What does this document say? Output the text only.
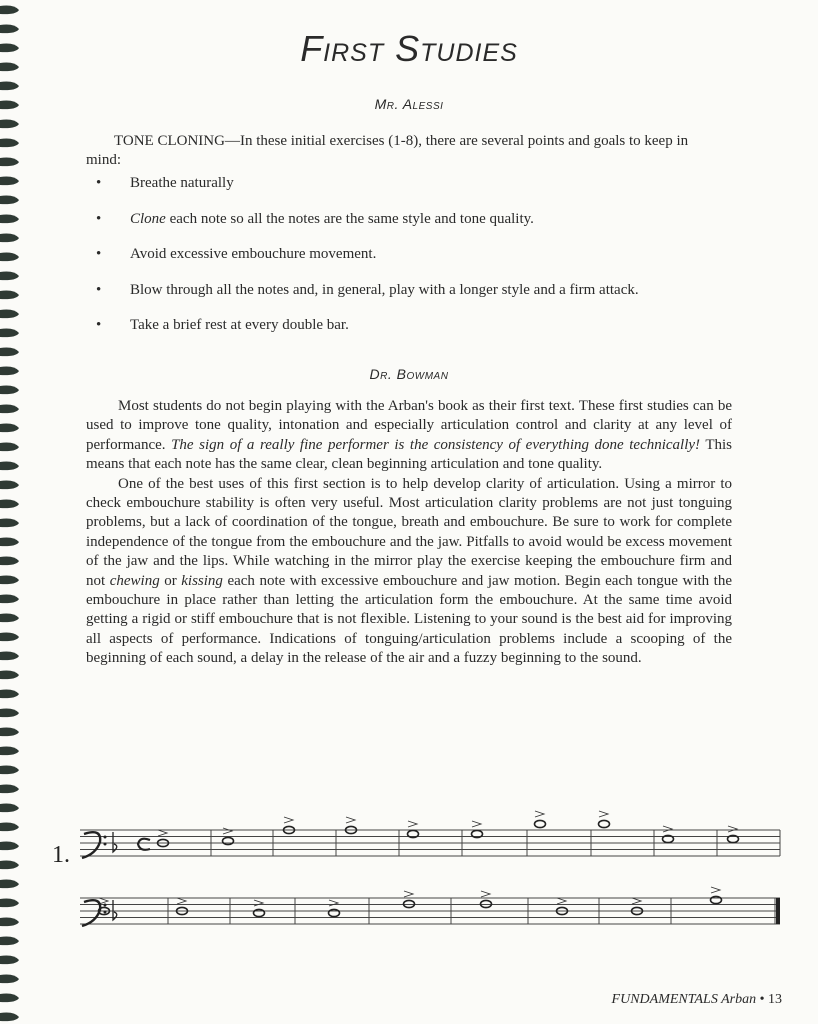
First Studies
Mr. Alessi
TONE CLONING—In these initial exercises (1-8), there are several points and goals to keep in mind:
• Breathe naturally
• Clone each note so all the notes are the same style and tone quality.
• Avoid excessive embouchure movement.
• Blow through all the notes and, in general, play with a longer style and a firm attack.
• Take a brief rest at every double bar.
Dr. Bowman

Most students do not begin playing with the Arban's book as their first text. These first studies can be used to improve tone quality, intonation and especially articulation control and clarity at any level of performance. The sign of a really fine performer is the consistency of everything done technically! This means that each note has the same clear, clean beginning articulation and tone quality.

One of the best uses of this first section is to help develop clarity of articulation. Using a mirror to check embouchure stability is often very useful. Most articulation clarity problems are not just tonguing problems, but a lack of coordination of the tongue, breath and embouchure. Be sure to work for complete independence of the tongue from the embouchure and the jaw. Pitfalls to avoid would be excess movement of the jaw and the lips. While watching in the mirror play the exercise keeping the embouchure firm and not chewing or kissing each note with excessive embouchure and jaw motion. Begin each tongue with the embouchure in place rather than letting the articulation form the embouchure. At the same time avoid getting a rigid or stiff embouchure that is not flexible. Listening to your sound is the best aid for improving all aspects of performance. Indications of tonguing/articulation problems include a scooping of the beginning of each sound, a delay in the release of the air and a fuzzy beginning to the sound.

1.
FUNDAMENTALS Arban • 13
